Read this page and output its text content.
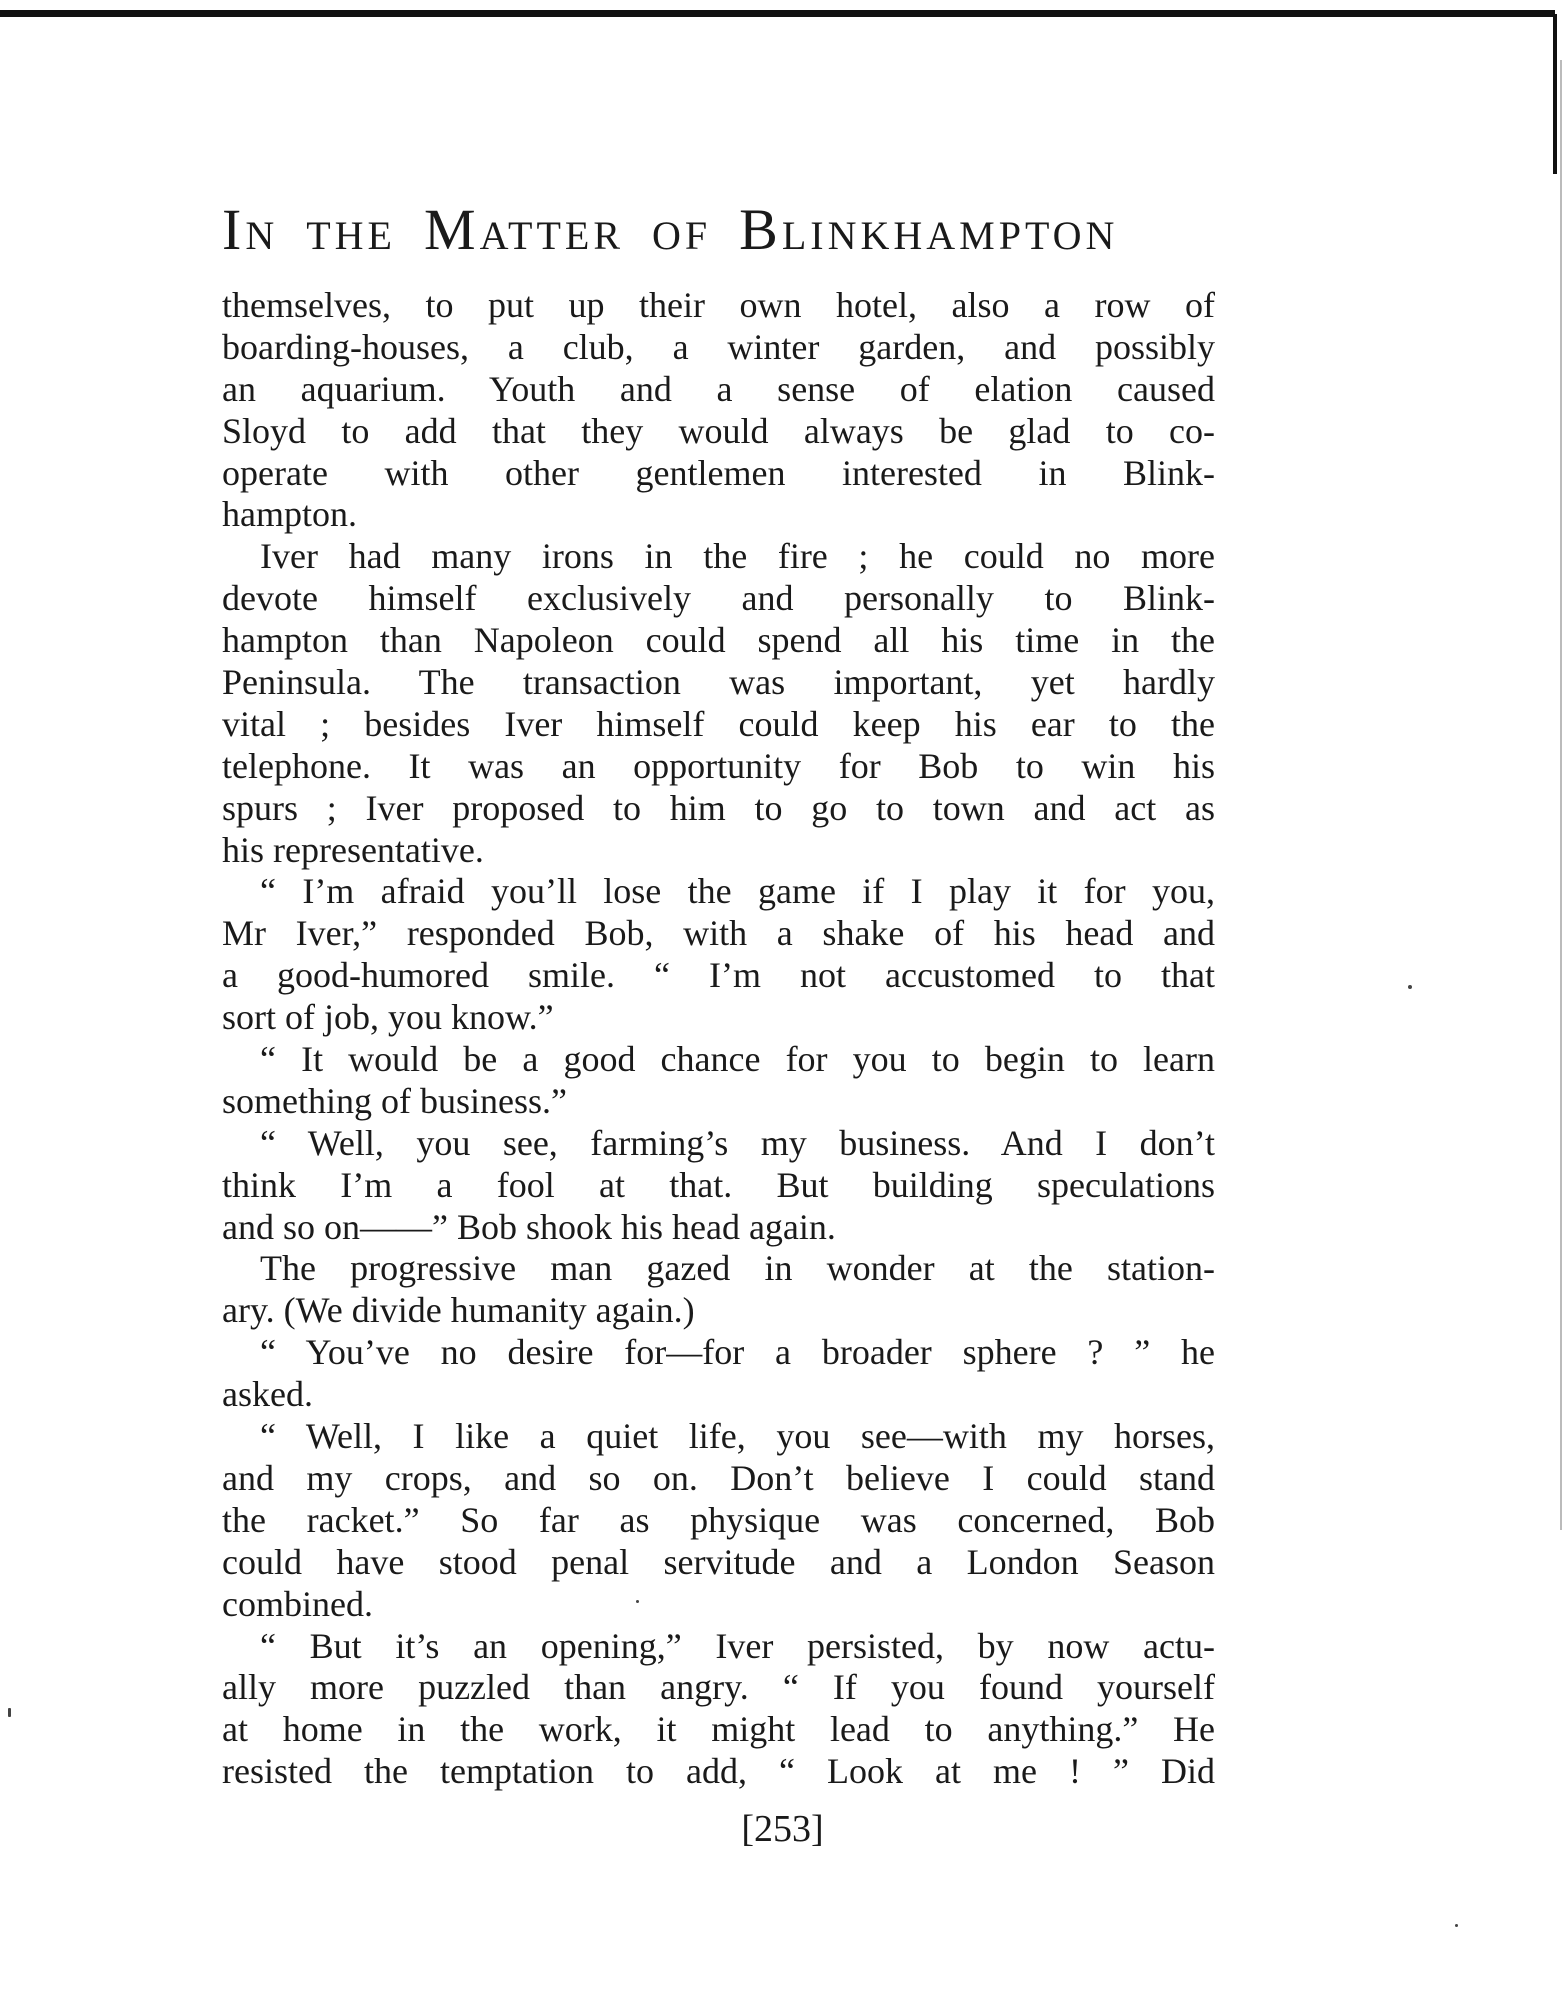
IN THE MATTER OF BLINKHAMPTON
themselves, to put up their own hotel, also a row of
boarding-houses, a club, a winter garden, and possibly
an aquarium. Youth and a sense of elation caused
Sloyd to add that they would always be glad to co-
operate with other gentlemen interested in Blink-
hampton.
Iver had many irons in the fire ; he could no more
devote himself exclusively and personally to Blink-
hampton than Napoleon could spend all his time in the
Peninsula. The transaction was important, yet hardly
vital ; besides Iver himself could keep his ear to the
telephone. It was an opportunity for Bob to win his
spurs ; Iver proposed to him to go to town and act as
his representative.
“ I’m afraid you’ll lose the game if I play it for you,
Mr Iver,” responded Bob, with a shake of his head and
a good-humored smile. “ I’m not accustomed to that
sort of job, you know.”
“ It would be a good chance for you to begin to learn
something of business.”
“ Well, you see, farming’s my business. And I don’t
think I’m a fool at that. But building speculations
and so on——” Bob shook his head again.
The progressive man gazed in wonder at the station-
ary. (We divide humanity again.)
“ You’ve no desire for—for a broader sphere ? ” he
asked.
“ Well, I like a quiet life, you see—with my horses,
and my crops, and so on. Don’t believe I could stand
the racket.” So far as physique was concerned, Bob
could have stood penal servitude and a London Season
combined.
“ But it’s an opening,” Iver persisted, by now actu-
ally more puzzled than angry. “ If you found yourself
at home in the work, it might lead to anything.” He
resisted the temptation to add, “ Look at me ! ” Did
[253]
